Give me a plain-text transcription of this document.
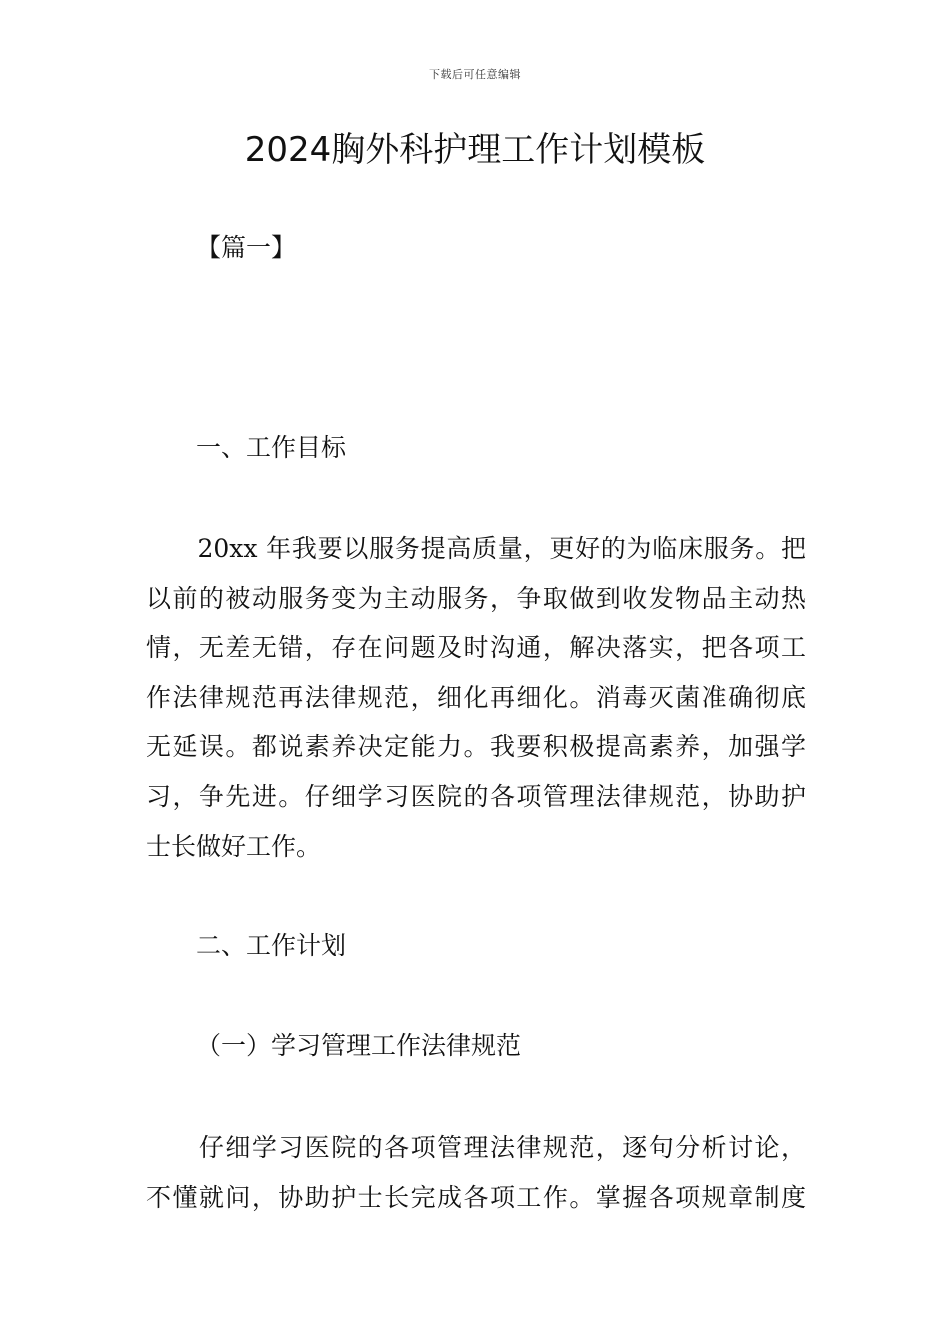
下载后可任意编辑
2024胸外科护理工作计划模板
【篇一】
一、工作目标
　　20xx 年我要以服务提高质量，更好的为临床服务。把
以前的被动服务变为主动服务，争取做到收发物品主动热
情，无差无错，存在问题及时沟通，解决落实，把各项工
作法律规范再法律规范，细化再细化。消毒灭菌准确彻底
无延误。都说素养决定能力。我要积极提高素养，加强学
习，争先进。仔细学习医院的各项管理法律规范，协助护
士长做好工作。
二、工作计划
（一）学习管理工作法律规范
　　仔细学习医院的各项管理法律规范，逐句分析讨论，
不懂就问，协助护士长完成各项工作。掌握各项规章制度
